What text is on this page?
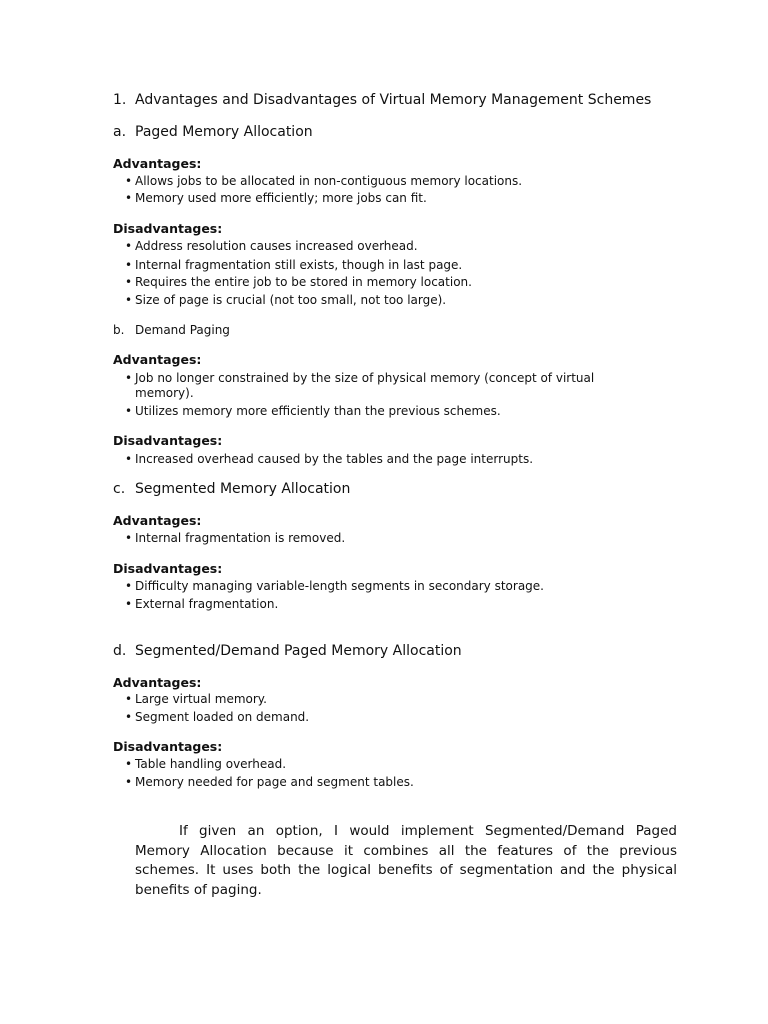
1. Advantages and Disadvantages of Virtual Memory Management Schemes
a. Paged Memory Allocation
Advantages:
• Allows jobs to be allocated in non-contiguous memory locations.
• Memory used more efficiently; more jobs can fit.
Disadvantages:
• Address resolution causes increased overhead.
• Internal fragmentation still exists, though in last page.
• Requires the entire job to be stored in memory location.
• Size of page is crucial (not too small, not too large).
b. Demand Paging
Advantages:
• Job no longer constrained by the size of physical memory (concept of virtual memory).
• Utilizes memory more efficiently than the previous schemes.
Disadvantages:
• Increased overhead caused by the tables and the page interrupts.
c. Segmented Memory Allocation
Advantages:
• Internal fragmentation is removed.
Disadvantages:
• Difficulty managing variable-length segments in secondary storage.
• External fragmentation.
d. Segmented/Demand Paged Memory Allocation
Advantages:
• Large virtual memory.
• Segment loaded on demand.
Disadvantages:
• Table handling overhead.
• Memory needed for page and segment tables.
If given an option, I would implement Segmented/Demand Paged Memory Allocation because it combines all the features of the previous schemes. It uses both the logical benefits of segmentation and the physical benefits of paging.
